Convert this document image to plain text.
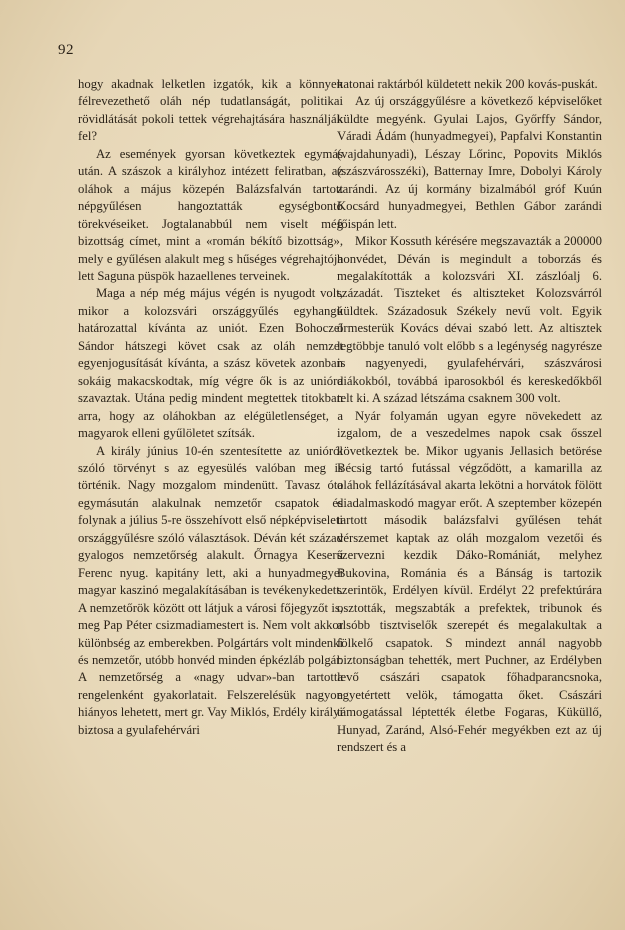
92

hogy akadnak lelketlen izgatók, kik a könnyen félrevezethető oláh nép tudatlanságát, politikai rövidlátását pokoli tettek végrehajtására használják fel?

Az események gyorsan következtek egymás után. A szászok a királyhoz intézett feliratban, az oláhok a május közepén Balázsfalván tartott népgyűlésen hangoztatták egységbontó törekvéseiket. Jogtalanabbúl nem viselt még bizottság címet, mint a «román békítő bizottság», mely e gyűlésen alakult meg s hűséges végrehajtója lett Saguna püspök hazaellenes terveinek.

Maga a nép még május végén is nyugodt volt, mikor a kolozsvári országgyűlés egyhangú határozattal kívánta az uniót. Ezen Bohoczel Sándor hátszegi követ csak az oláh nemzet egyenjogusítását kívánta, a szász követek azonban sokáig makacskodtak, míg végre ők is az unióra szavaztak. Utána pedig mindent megtettek titokban arra, hogy az oláhokban az elégületlenséget, a magyarok elleni gyűlöletet szítsák.

A király június 10-én szentesítette az unióról szóló törvényt s az egyesülés valóban meg is történik. Nagy mozgalom mindenütt. Tavasz óta egymásután alakulnak nemzetőr csapatok és folynak a július 5-re összehívott első népképviseleti országgyűlésre szóló választások. Déván két század gyalogos nemzetőrség alakult. Őrnagya Keserű Ferenc nyug. kapitány lett, aki a hunyadmegyei magyar kaszinó megalakításában is tevékenykedett. A nemzetőrök között ott látjuk a városi főjegyzőt is, meg Pap Péter csizmadiamestert is. Nem volt akkor különbség az emberekben. Polgártárs volt mindenki és nemzetőr, utóbb honvéd minden épkézláb polgár. A nemzetőrség a «nagy udvar»-ban tartotta rengelenként gyakorlatait. Felszerelésük nagyon hiányos lehetett, mert gr. Vay Miklós, Erdély királyi biztosa a gyulafehérvári

katonai raktárból küldetett nekik 200 kovás-puskát.

Az új országgyűlésre a következő képviselőket küldte megyénk. Gyulai Lajos, Győrffy Sándor, Váradi Ádám (hunyadmegyei), Papfalvi Konstantin (vajdahunyadi), Lészay Lőrinc, Popovits Miklós (szászvárosszéki), Batternay Imre, Dobolyi Károly zarándi. Az új kormány bizalmából gróf Kuún Kocsárd hunyadmegyei, Bethlen Gábor zarándi főispán lett.

Mikor Kossuth kérésére megszavazták a 200000 honvédet, Déván is megindult a toborzás és megalakították a kolozsvári XI. zászlóalj 6. századát. Tiszteket és altiszteket Kolozsvárról küldtek. Századosuk Székely nevű volt. Egyik őrmesterük Kovács dévai szabó lett. Az altisztek legtöbbje tanuló volt előbb s a legénység nagyrésze is nagyenyedi, gyulafehérvári, szászvárosi diákokból, továbbá iparosokból és kereskedőkből telt ki. A század létszáma csaknem 300 volt.

Nyár folyamán ugyan egyre növekedett az izgalom, de a veszedelmes napok csak ősszel következtek be. Mikor ugyanis Jellasich betörése Bécsig tartó futással végződött, a kamarilla az oláhok fellázításával akarta lekötni a horvátok fölött diadalmaskodó magyar erőt. A szeptember közepén tartott második balázsfalvi gyűlésen tehát vérszemet kaptak az oláh mozgalom vezetői és szervezni kezdik Dáko-Romániát, melyhez Bukovina, Románia és a Bánság is tartozik szerintök, Erdélyen kívül. Erdélyt 22 prefektúrára osztották, megszabták a prefektek, tribunok és alsóbb tisztviselők szerepét és megalakultak a fölkelő csapatok. S mindezt annál nagyobb biztonságban tehették, mert Puchner, az Erdélyben levő császári csapatok főhadparancsnoka, egyetértett velök, támogatta őket. Császári támogatással léptették életbe Fogaras, Küküllő, Hunyad, Zaránd, Alsó-Fehér megyékben ezt az új rendszert és a
